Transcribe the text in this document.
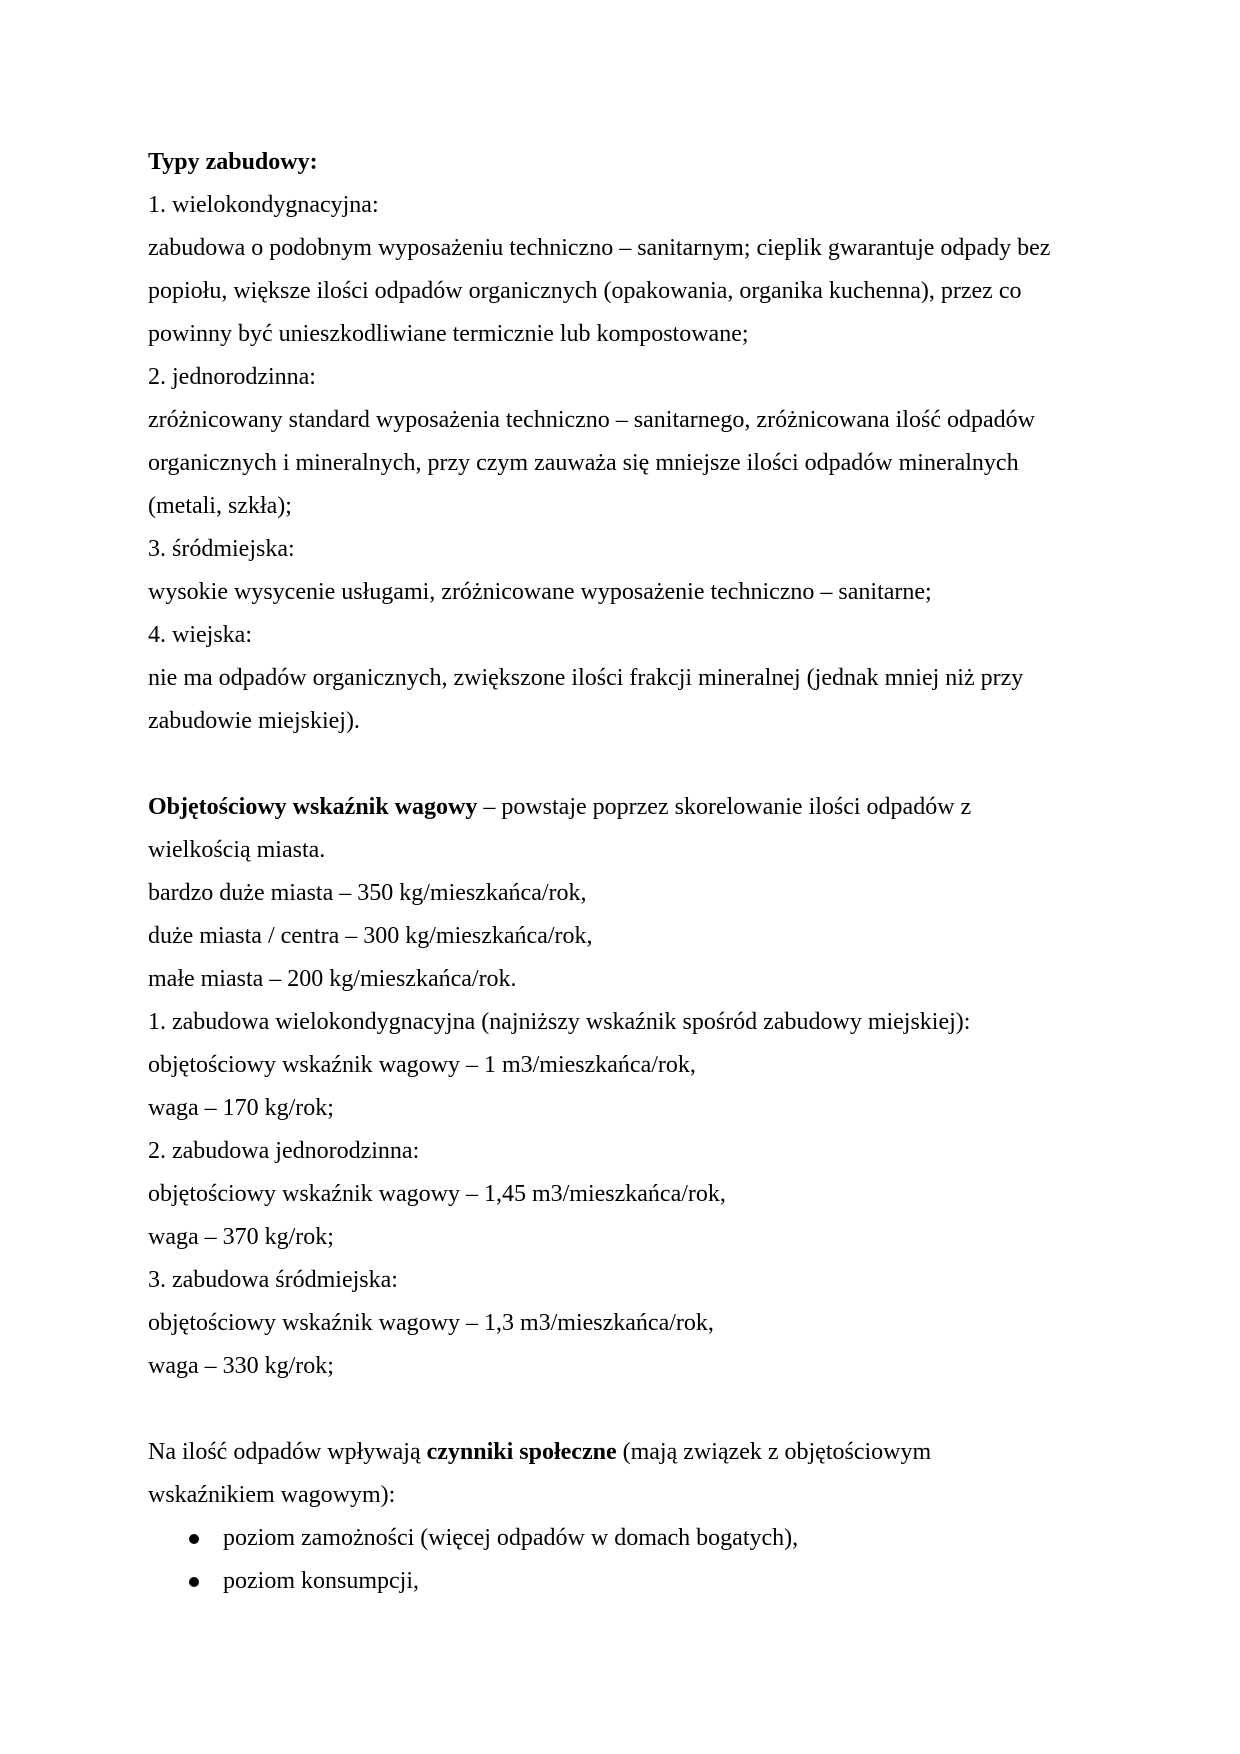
Typy zabudowy:
1. wielokondygnacyjna:
zabudowa o podobnym wyposażeniu techniczno – sanitarnym; cieplik gwarantuje odpady bez
popiołu, większe ilości odpadów organicznych (opakowania, organika kuchenna), przez co
powinny być unieszkodliwiane termicznie lub kompostowane;
2. jednorodzinna:
zróżnicowany standard wyposażenia techniczno – sanitarnego, zróżnicowana ilość odpadów
organicznych i mineralnych, przy czym zauważa się mniejsze ilości odpadów mineralnych
(metali, szkła);
3. śródmiejska:
wysokie wysycenie usługami, zróżnicowane wyposażenie techniczno – sanitarne;
4. wiejska:
nie ma odpadów organicznych, zwiększone ilości frakcji mineralnej (jednak mniej niż przy
zabudowie miejskiej).
Objętościowy wskaźnik wagowy – powstaje poprzez skorelowanie ilości odpadów z
wielkością miasta.
bardzo duże miasta – 350 kg/mieszkańca/rok,
duże miasta / centra – 300 kg/mieszkańca/rok,
małe miasta – 200 kg/mieszkańca/rok.
1. zabudowa wielokondygnacyjna (najniższy wskaźnik spośród zabudowy miejskiej):
objętościowy wskaźnik wagowy – 1 m3/mieszkańca/rok,
waga – 170 kg/rok;
2. zabudowa jednorodzinna:
objętościowy wskaźnik wagowy – 1,45 m3/mieszkańca/rok,
waga – 370 kg/rok;
3. zabudowa śródmiejska:
objętościowy wskaźnik wagowy – 1,3 m3/mieszkańca/rok,
waga – 330 kg/rok;
Na ilość odpadów wpływają czynniki społeczne (mają związek z objętościowym
wskaźnikiem wagowym):
poziom zamożności (więcej odpadów w domach bogatych),
poziom konsumpcji,
